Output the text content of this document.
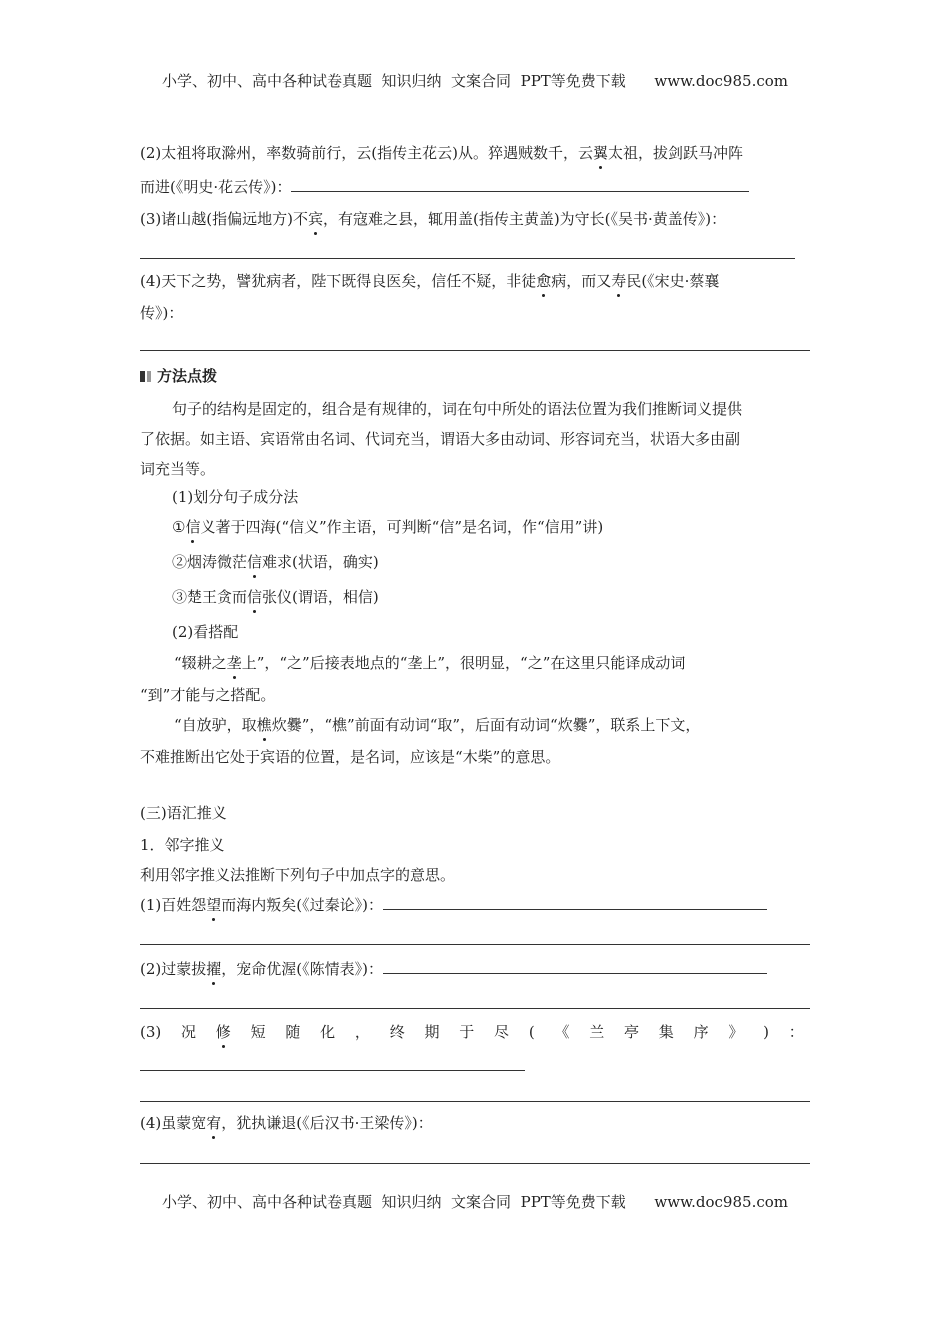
小学、初中、高中各种试卷真题  知识归纳  文案合同  PPT等免费下载      www.doc985.com
(2)太祖将取滁州，率数骑前行，云(指传主花云)从。猝遇贼数千，云翼太祖，拔剑跃马冲阵
而进(《明史·花云传》)：
(3)诸山越(指偏远地方)不宾，有寇难之县，辄用盖(指传主黄盖)为守长(《吴书·黄盖传》)：
(4)天下之势，譬犹病者，陛下既得良医矣，信任不疑，非徒愈病，而又寿民(《宋史·蔡襄
传》)：
方法点拨
句子的结构是固定的，组合是有规律的，词在句中所处的语法位置为我们推断词义提供
了依据。如主语、宾语常由名词、代词充当，谓语大多由动词、形容词充当，状语大多由副
词充当等。
(1)划分句子成分法
①信义著于四海(“信义”作主语，可判断“信”是名词，作“信用”讲)
②烟涛微茫信难求(状语，确实)
③楚王贪而信张仪(谓语，相信)
(2)看搭配
“辍耕之垄上”，“之”后接表地点的“垄上”，很明显，“之”在这里只能译成动词
“到”才能与之搭配。
“自放驴，取樵炊爨”，“樵”前面有动词“取”，后面有动词“炊爨”，联系上下文，
不难推断出它处于宾语的位置，是名词，应该是“木柴”的意思。
(三)语汇推义
1．邻字推义
利用邻字推义法推断下列句子中加点字的意思。
(1)百姓怨望而海内叛矣(《过秦论》)：
(2)过蒙拔擢，宠命优渥(《陈情表》)：
(3) 况 修 短 随 化 ， 终 期 于 尽 ( 《 兰 亭 集 序 》 ) ：
(4)虽蒙宽宥，犹执谦退(《后汉书·王梁传》)：
小学、初中、高中各种试卷真题  知识归纳  文案合同  PPT等免费下载      www.doc985.com
